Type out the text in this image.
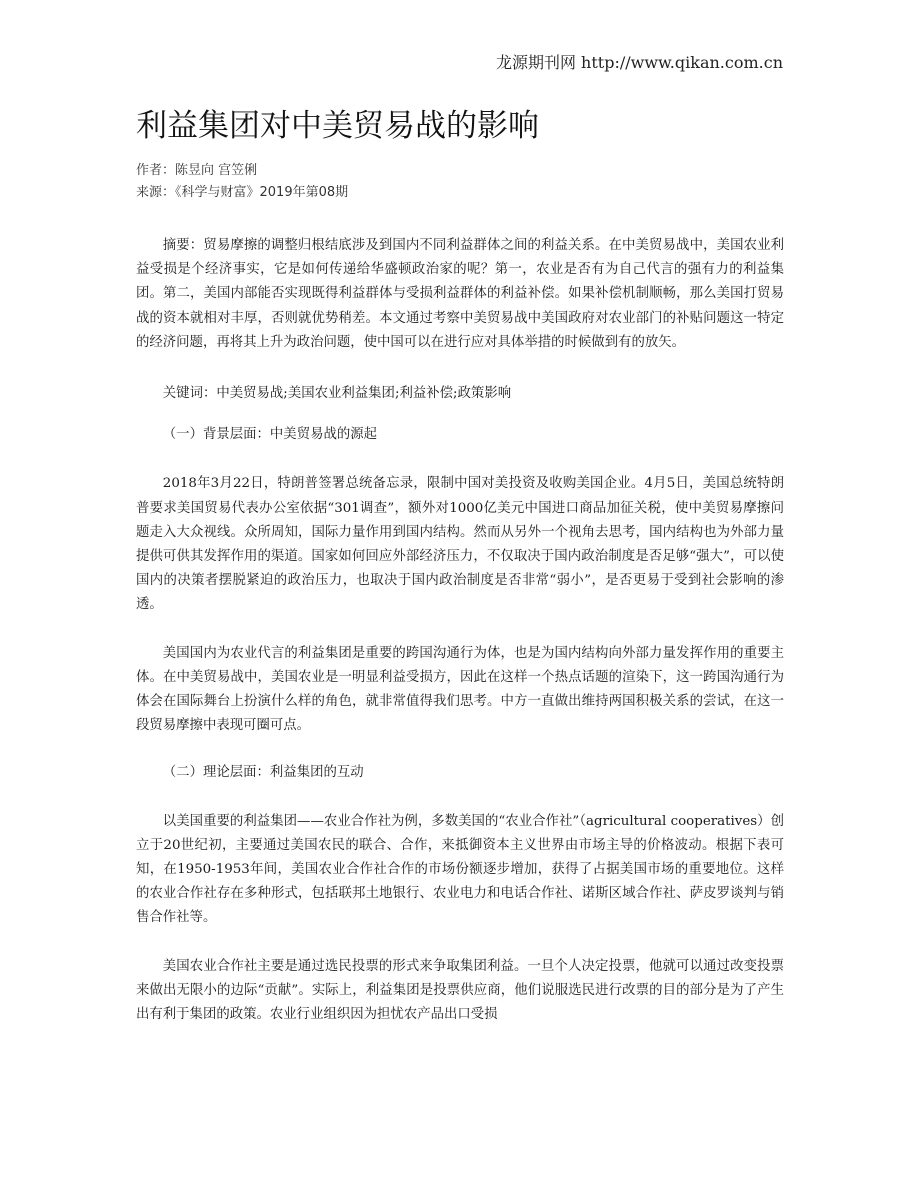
龙源期刊网 http://www.qikan.com.cn
利益集团对中美贸易战的影响
作者：陈昱向 宫笠俐
来源：《科学与财富》2019年第08期

摘要：贸易摩擦的调整归根结底涉及到国内不同利益群体之间的利益关系。在中美贸易战中，美国农业利益受损是个经济事实，它是如何传递给华盛顿政治家的呢？第一，农业是否有为自己代言的强有力的利益集团。第二，美国内部能否实现既得利益群体与受损利益群体的利益补偿。如果补偿机制顺畅，那么美国打贸易战的资本就相对丰厚，否则就优势稍差。本文通过考察中美贸易战中美国政府对农业部门的补贴问题这一特定的经济问题，再将其上升为政治问题，使中国可以在进行应对具体举措的时候做到有的放矢。

关键词：中美贸易战;美国农业利益集团;利益补偿;政策影响

（一）背景层面：中美贸易战的源起

2018年3月22日，特朗普签署总统备忘录，限制中国对美投资及收购美国企业。4月5日，美国总统特朗普要求美国贸易代表办公室依据“301调查”，额外对1000亿美元中国进口商品加征关税，使中美贸易摩擦问题走入大众视线。众所周知，国际力量作用到国内结构。然而从另外一个视角去思考，国内结构也为外部力量提供可供其发挥作用的渠道。国家如何回应外部经济压力，不仅取决于国内政治制度是否足够“强大”，可以使国内的决策者摆脱紧迫的政治压力，也取决于国内政治制度是否非常“弱小”，是否更易于受到社会影响的渗透。

美国国内为农业代言的利益集团是重要的跨国沟通行为体，也是为国内结构向外部力量发挥作用的重要主体。在中美贸易战中，美国农业是一明显利益受损方，因此在这样一个热点话题的渲染下，这一跨国沟通行为体会在国际舞台上扮演什么样的角色，就非常值得我们思考。中方一直做出维持两国积极关系的尝试，在这一段贸易摩擦中表现可圈可点。

（二）理论层面：利益集团的互动

以美国重要的利益集团——农业合作社为例，多数美国的“农业合作社”（agricultural cooperatives）创立于20世纪初，主要通过美国农民的联合、合作，来抵御资本主义世界由市场主导的价格波动。根据下表可知，在1950-1953年间，美国农业合作社合作的市场份额逐步增加，获得了占据美国市场的重要地位。这样的农业合作社存在多种形式，包括联邦土地银行、农业电力和电话合作社、诺斯区域合作社、萨皮罗谈判与销售合作社等。

美国农业合作社主要是通过选民投票的形式来争取集团利益。一旦个人决定投票，他就可以通过改变投票来做出无限小的边际“贡献”。实际上，利益集团是投票供应商，他们说服选民进行改票的目的部分是为了产生出有利于集团的政策。农业行业组织因为担忧农产品出口受损
